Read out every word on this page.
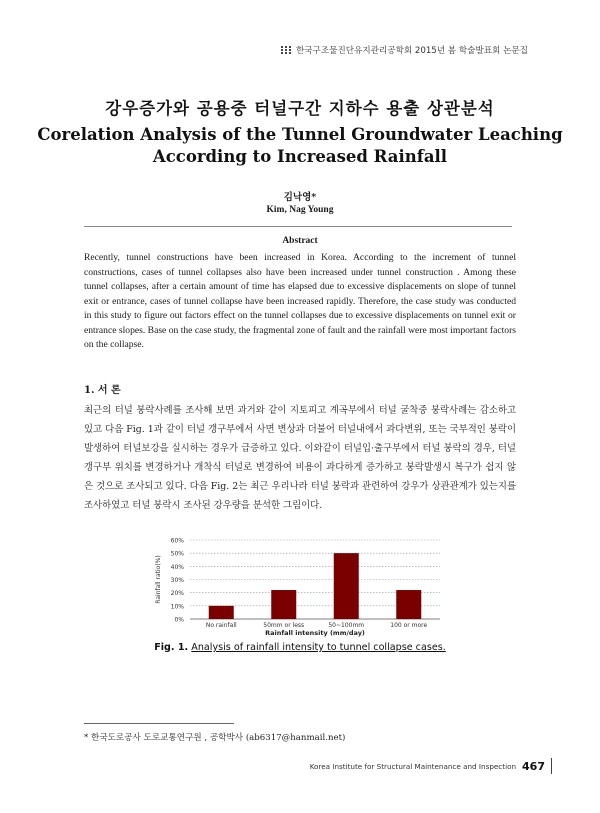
한국구조물진단유지관리공학회 2015년 봄 학술발표회 논문집
강우증가와 공용중 터널구간 지하수 용출 상관분석
Corelation Analysis of the Tunnel Groundwater Leaching
According to Increased Rainfall
김낙영*
Kim, Nag Young
Abstract
Recently, tunnel constructions have been increased in Korea. According to the increment of tunnel constructions, cases of tunnel collapses also have been increased under tunnel construction . Among these tunnel collapses, after a certain amount of time has elapsed due to excessive displacements on slope of tunnel exit or entrance, cases of tunnel collapse have been increased rapidly. Therefore, the case study was conducted in this study to figure out factors effect on the tunnel collapses due to excessive displacements on tunnel exit or entrance slopes. Base on the case study, the fragmental zone of fault and the rainfall were most important factors on the collapse.
1. 서 론
최근의 터널 붕락사례를 조사해 보면 과거와 같이 지토피고 계곡부에서 터널 굴착중 붕락사례는 감소하고 있고 다음 Fig. 1과 같이 터널 갱구부에서 사면 변상과 더불어 터널내에서 과다변위, 또는 국부적인 붕락이 발생하여 터널보강을 실시하는 경우가 급증하고 있다. 이와같이 터널입·출구부에서 터널 붕락의 경우, 터널 갱구부 위치를 변경하거나 개착식 터널로 변경하여 비용이 과다하게 증가하고 붕락발생시 복구가 쉽지 않은 것으로 조사되고 있다. 다음 Fig. 2는 최근 우리나라 터널 붕락과 관련하여 강우가 상관관계가 있는지를 조사하였고 터널 붕락시 조사된 강우량을 분석한 그림이다.
0%
10%
20%
30%
40%
50%
60%
Rainfall ratio(%)
No rainfall	50mm or less	50~100mm	100 or more
Rainfall intensity (mm/day)
Fig. 1. Analysis of rainfall intensity to tunnel collapse cases.
* 한국도로공사 도로교통연구원 , 공학박사 (ab6317@hanmail.net)
Korea Institute for Structural Maintenance and Inspection 467
